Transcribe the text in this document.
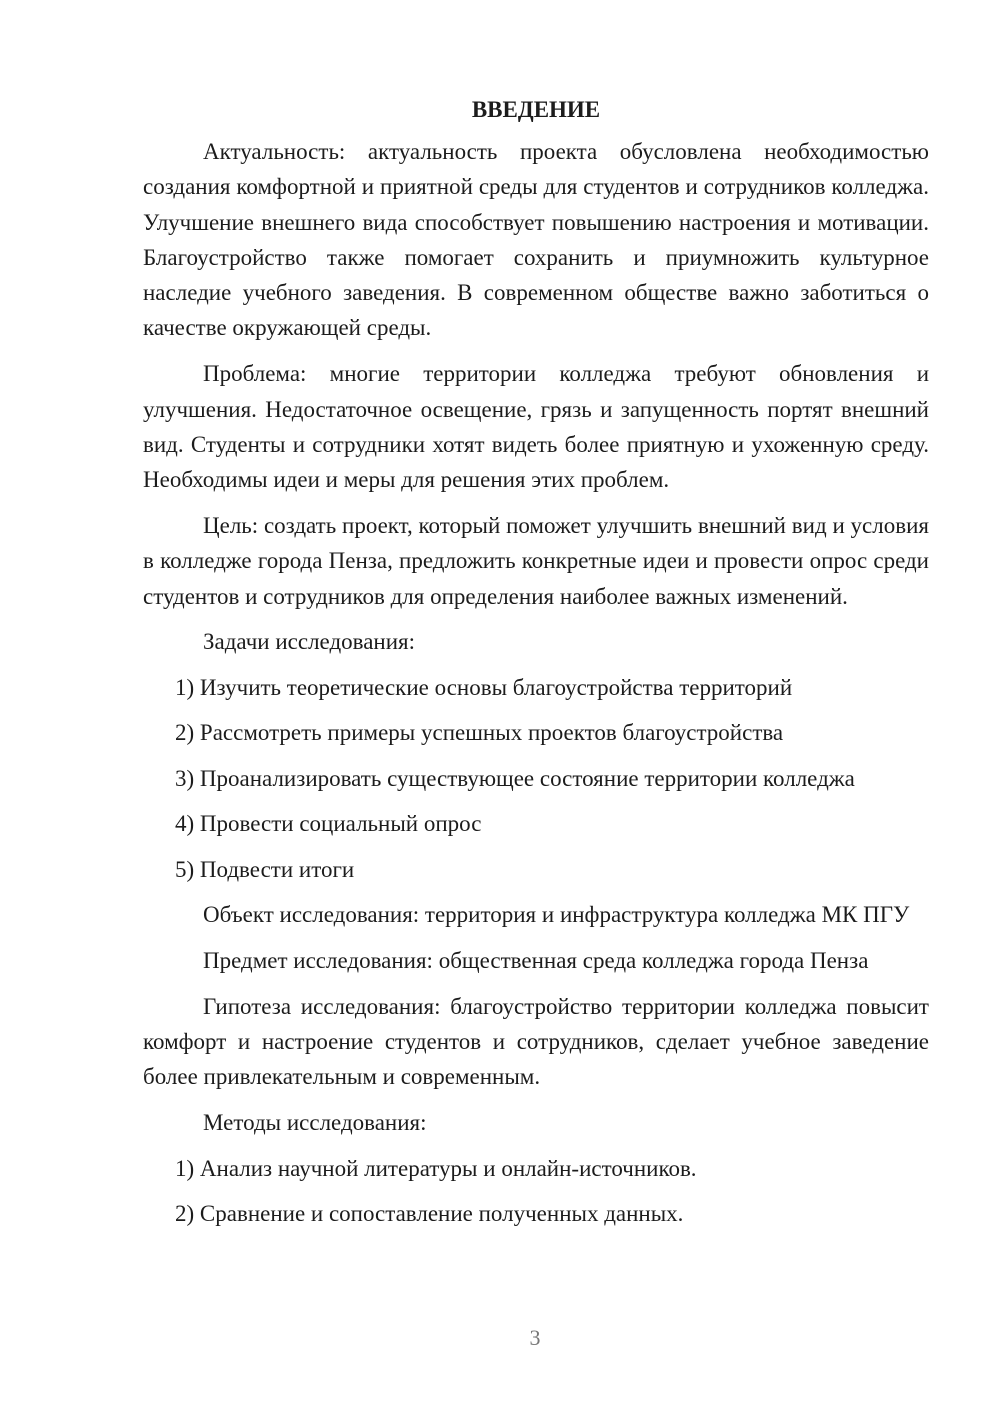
ВВЕДЕНИЕ

Актуальность: актуальность проекта обусловлена необходимостью создания комфортной и приятной среды для студентов и сотрудников колледжа. Улучшение внешнего вида способствует повышению настроения и мотивации. Благоустройство также помогает сохранить и приумножить культурное наследие учебного заведения. В современном обществе важно заботиться о качестве окружающей среды.

Проблема: многие территории колледжа требуют обновления и улучшения. Недостаточное освещение, грязь и запущенность портят внешний вид. Студенты и сотрудники хотят видеть более приятную и ухоженную среду. Необходимы идеи и меры для решения этих проблем.

Цель: создать проект, который поможет улучшить внешний вид и условия в колледже города Пенза, предложить конкретные идеи и провести опрос среди студентов и сотрудников для определения наиболее важных изменений.

Задачи исследования:

1) Изучить теоретические основы благоустройства территорий

2) Рассмотреть примеры успешных проектов благоустройства

3) Проанализировать существующее состояние территории колледжа

4) Провести социальный опрос

5) Подвести итоги

Объект исследования: территория и инфраструктура колледжа МК ПГУ

Предмет исследования: общественная среда колледжа города Пенза

Гипотеза исследования: благоустройство территории колледжа повысит комфорт и настроение студентов и сотрудников, сделает учебное заведение более привлекательным и современным.

Методы исследования:

1) Анализ научной литературы и онлайн-источников.

2) Сравнение и сопоставление полученных данных.

3
